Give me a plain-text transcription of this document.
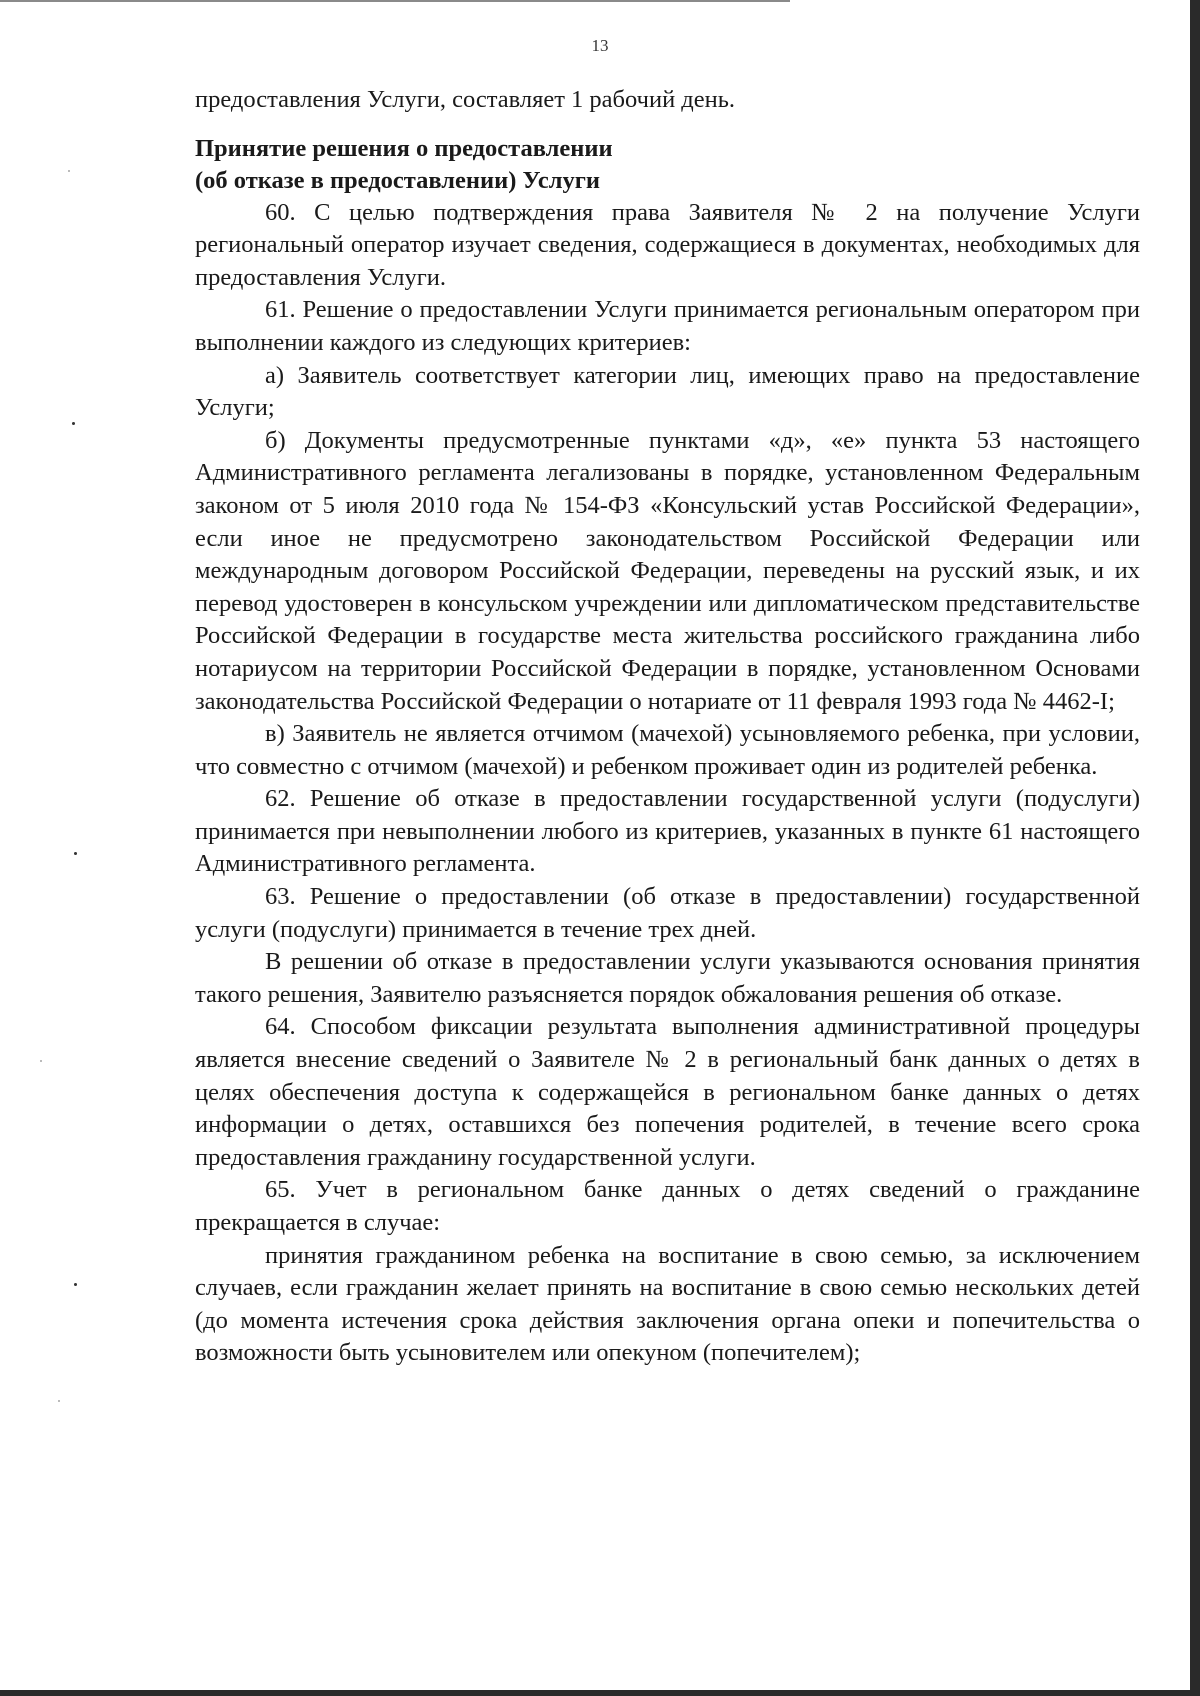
13

предоставления Услуги, составляет 1 рабочий день.

Принятие решения о предоставлении
(об отказе в предоставлении) Услуги

60. С целью подтверждения права Заявителя № 2 на получение Услуги региональный оператор изучает сведения, содержащиеся в документах, необходимых для предоставления Услуги.

61. Решение о предоставлении Услуги принимается региональным оператором при выполнении каждого из следующих критериев:

а) Заявитель соответствует категории лиц, имеющих право на предоставление Услуги;

б) Документы предусмотренные пунктами «д», «е» пункта 53 настоящего Административного регламента легализованы в порядке, установленном Федеральным законом от 5 июля 2010 года № 154-ФЗ «Консульский устав Российской Федерации», если иное не предусмотрено законодательством Российской Федерации или международным договором Российской Федерации, переведены на русский язык, и их перевод удостоверен в консульском учреждении или дипломатическом представительстве Российской Федерации в государстве места жительства российского гражданина либо нотариусом на территории Российской Федерации в порядке, установленном Основами законодательства Российской Федерации о нотариате от 11 февраля 1993 года № 4462-I;

в) Заявитель не является отчимом (мачехой) усыновляемого ребенка, при условии, что совместно с отчимом (мачехой) и ребенком проживает один из родителей ребенка.

62. Решение об отказе в предоставлении государственной услуги (подуслуги) принимается при невыполнении любого из критериев, указанных в пункте 61 настоящего Административного регламента.

63. Решение о предоставлении (об отказе в предоставлении) государственной услуги (подуслуги) принимается в течение трех дней.

В решении об отказе в предоставлении услуги указываются основания принятия такого решения, Заявителю разъясняется порядок обжалования решения об отказе.

64. Способом фиксации результата выполнения административной процедуры является внесение сведений о Заявителе № 2 в региональный банк данных о детях в целях обеспечения доступа к содержащейся в региональном банке данных о детях информации о детях, оставшихся без попечения родителей, в течение всего срока предоставления гражданину государственной услуги.

65. Учет в региональном банке данных о детях сведений о гражданине прекращается в случае:

принятия гражданином ребенка на воспитание в свою семью, за исключением случаев, если гражданин желает принять на воспитание в свою семью нескольких детей (до момента истечения срока действия заключения органа опеки и попечительства о возможности быть усыновителем или опекуном (попечителем);
